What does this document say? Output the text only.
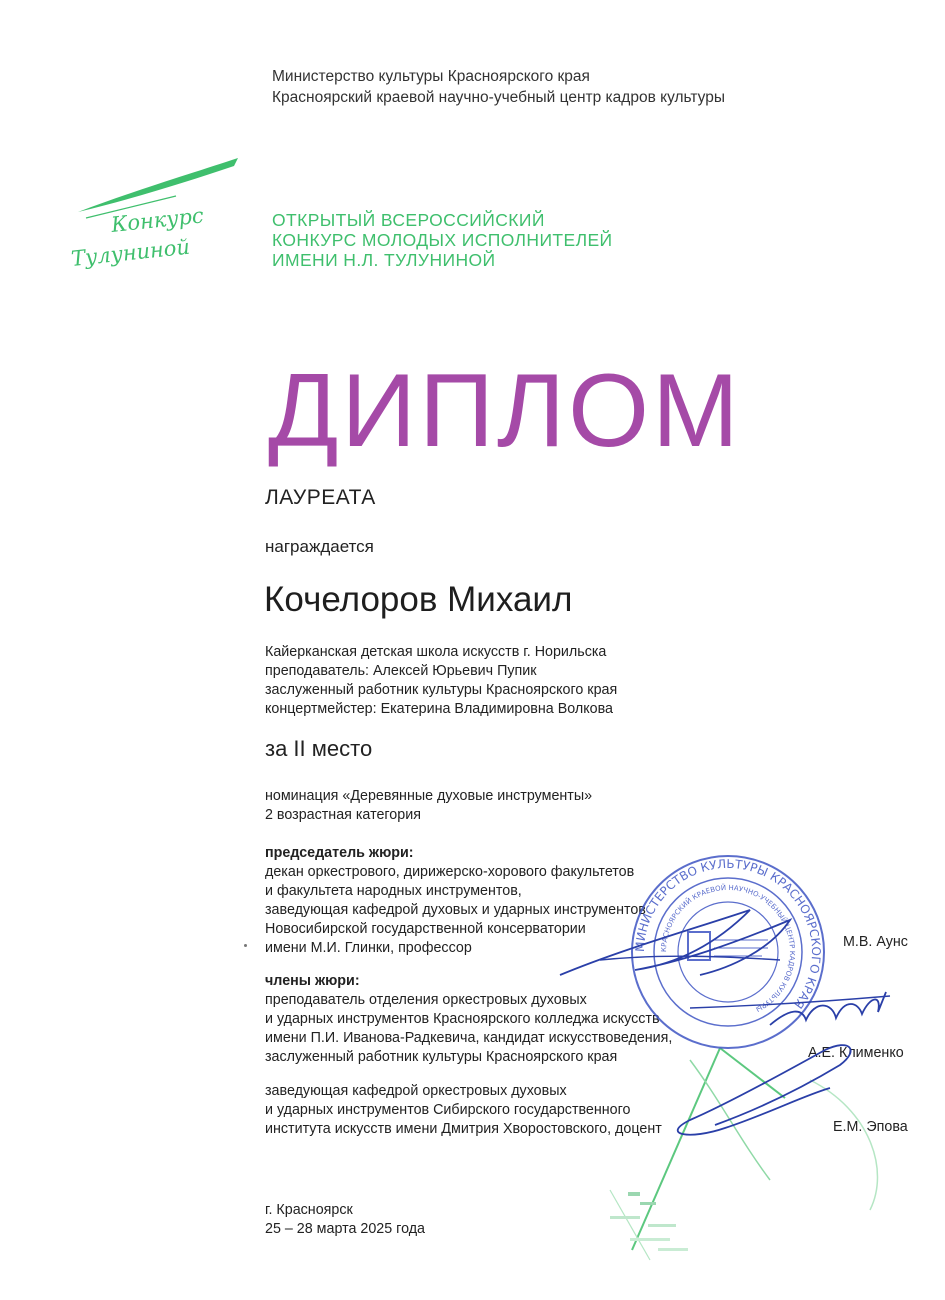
Министерство культуры Красноярского края
Красноярский краевой научно-учебный центр кадров культуры
Конкурс
Тулуниной
ОТКРЫТЫЙ ВСЕРОССИЙСКИЙ
КОНКУРС МОЛОДЫХ ИСПОЛНИТЕЛЕЙ
ИМЕНИ Н.Л. ТУЛУНИНОЙ
ДИПЛОМ
ЛАУРЕАТА
награждается
Кочелоров Михаил
Кайерканская детская школа искусств г. Норильска
преподаватель: Алексей Юрьевич Пупик
заслуженный работник культуры Красноярского края
концертмейстер: Екатерина Владимировна Волкова
за II место
номинация «Деревянные духовые инструменты»
2 возрастная категория
председатель жюри:
декан оркестрового, дирижерско-хорового факультетов
и факультета народных инструментов,
заведующая кафедрой духовых и ударных инструментов
Новосибирской государственной консерватории
имени М.И. Глинки, профессор	М.В. Аунс
члены жюри:
преподаватель отделения оркестровых духовых
и ударных инструментов Красноярского колледжа искусств
имени П.И. Иванова-Радкевича, кандидат искусствоведения,
заслуженный работник культуры Красноярского края	А.Е. Клименко
заведующая кафедрой оркестровых духовых
и ударных инструментов Сибирского государственного
института искусств имени Дмитрия Хворостовского, доцент	Е.М. Эпова
МИНИСТЕРСТВО КУЛЬТУРЫ КРАСНОЯРСКОГО КРАЯ
КРАСНОЯРСКИЙ КРАЕВОЙ НАУЧНО-УЧЕБНЫЙ ЦЕНТР КАДРОВ КУЛЬТУРЫ
г. Красноярск
25 – 28 марта 2025 года
